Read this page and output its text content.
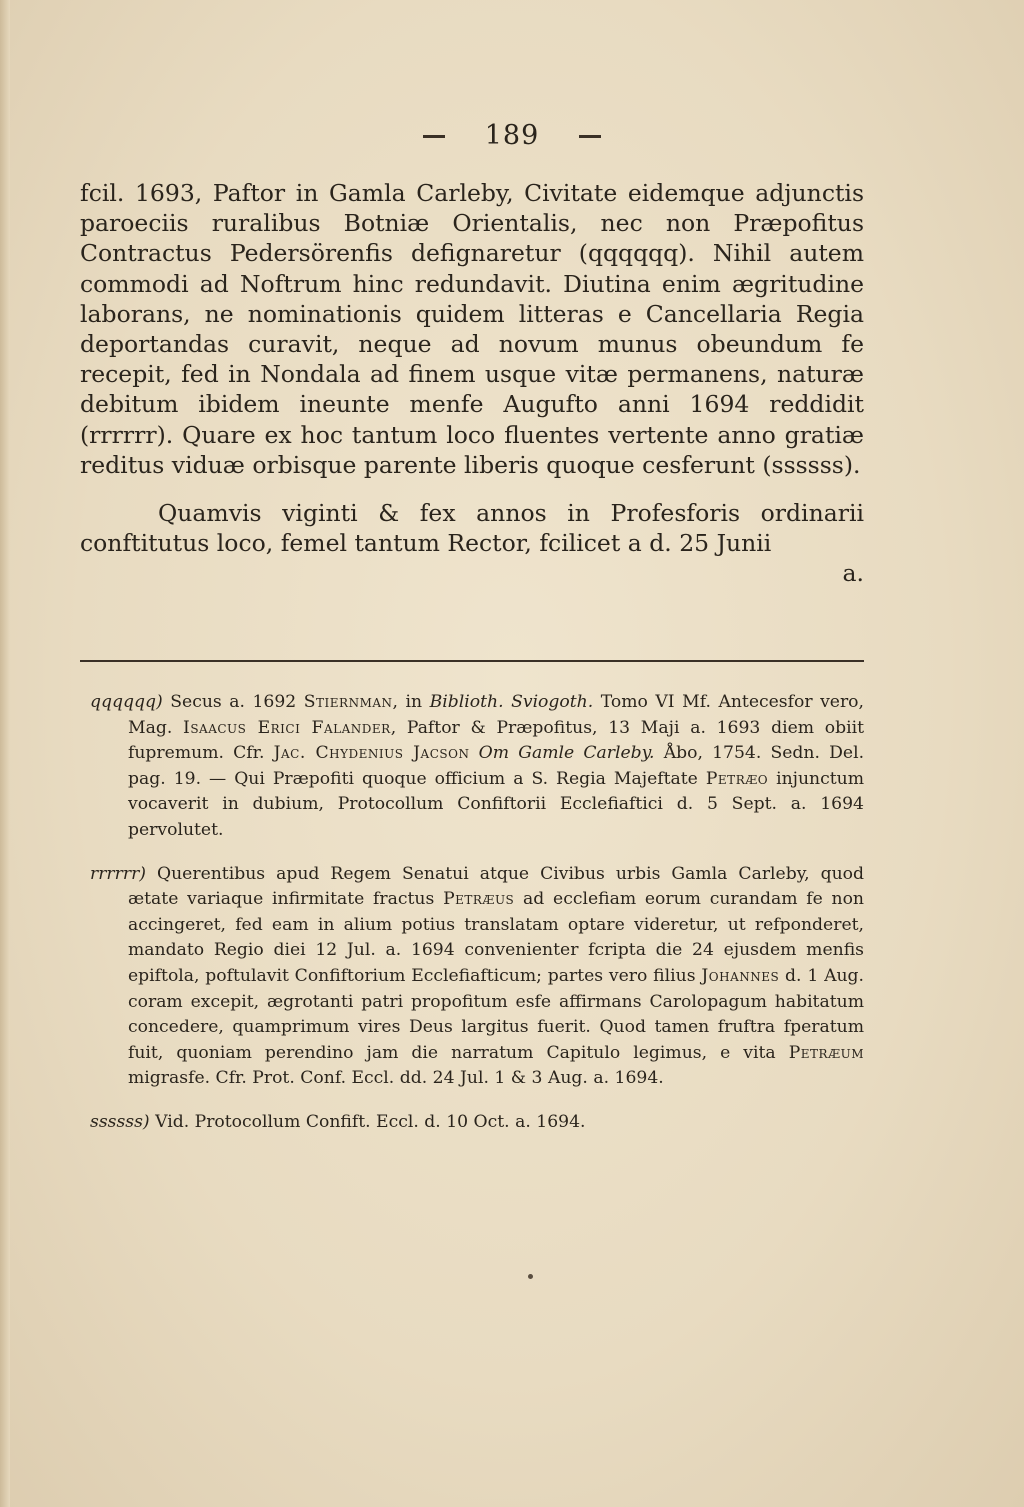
189

fcil. 1693, Paftor in Gamla Carleby, Civitate eidemque adjunctis paroeciis ruralibus Botniæ Orientalis, nec non Præpofitus Contractus Pedersörenfis defignaretur (qqqqqq). Nihil autem commodi ad Noftrum hinc redundavit. Diutina enim ægritudine laborans, ne nominationis quidem litteras e Cancellaria Regia deportandas curavit, neque ad novum munus obeundum fe recepit, fed in Nondala ad finem usque vitæ permanens, naturæ debitum ibidem ineunte menfe Augufto anni 1694 reddidit (rrrrrr). Quare ex hoc tantum loco fluentes vertente anno gratiæ reditus viduæ orbisque parente liberis quoque cesferunt (ssssss).

Quamvis viginti & fex annos in Profesforis ordinarii conftitutus loco, femel tantum Rector, fcilicet a d. 25 Junii

a.

qqqqqq) Secus a. 1692 Stiernman, in Biblioth. Sviogoth. Tomo VI Mf. Antecesfor vero, Mag. Isaacus Erici Falander, Paftor & Præpofitus, 13 Maji a. 1693 diem obiit fupremum. Cfr. Jac. Chydenius Jacson Om Gamle Carleby. Åbo, 1754. Sedn. Del. pag. 19. — Qui Præpofiti quoque officium a S. Regia Majeftate Petræo injunctum vocaverit in dubium, Protocollum Confiftorii Ecclefiaftici d. 5 Sept. a. 1694 pervolutet.

rrrrrr) Querentibus apud Regem Senatui atque Civibus urbis Gamla Carleby, quod ætate variaque infirmitate fractus Petræus ad ecclefiam eorum curandam fe non accingeret, fed eam in alium potius translatam optare videretur, ut refponderet, mandato Regio diei 12 Jul. a. 1694 convenienter fcripta die 24 ejusdem menfis epiftola, poftulavit Confiftorium Ecclefiafticum; partes vero filius Johannes d. 1 Aug. coram excepit, ægrotanti patri propofitum esfe affirmans Carolopagum habitatum concedere, quamprimum vires Deus largitus fuerit. Quod tamen fruftra fperatum fuit, quoniam perendino jam die narratum Capitulo legimus, e vita Petræum migrasfe. Cfr. Prot. Conf. Eccl. dd. 24 Jul. 1 & 3 Aug. a. 1694.

ssssss) Vid. Protocollum Confift. Eccl. d. 10 Oct. a. 1694.
